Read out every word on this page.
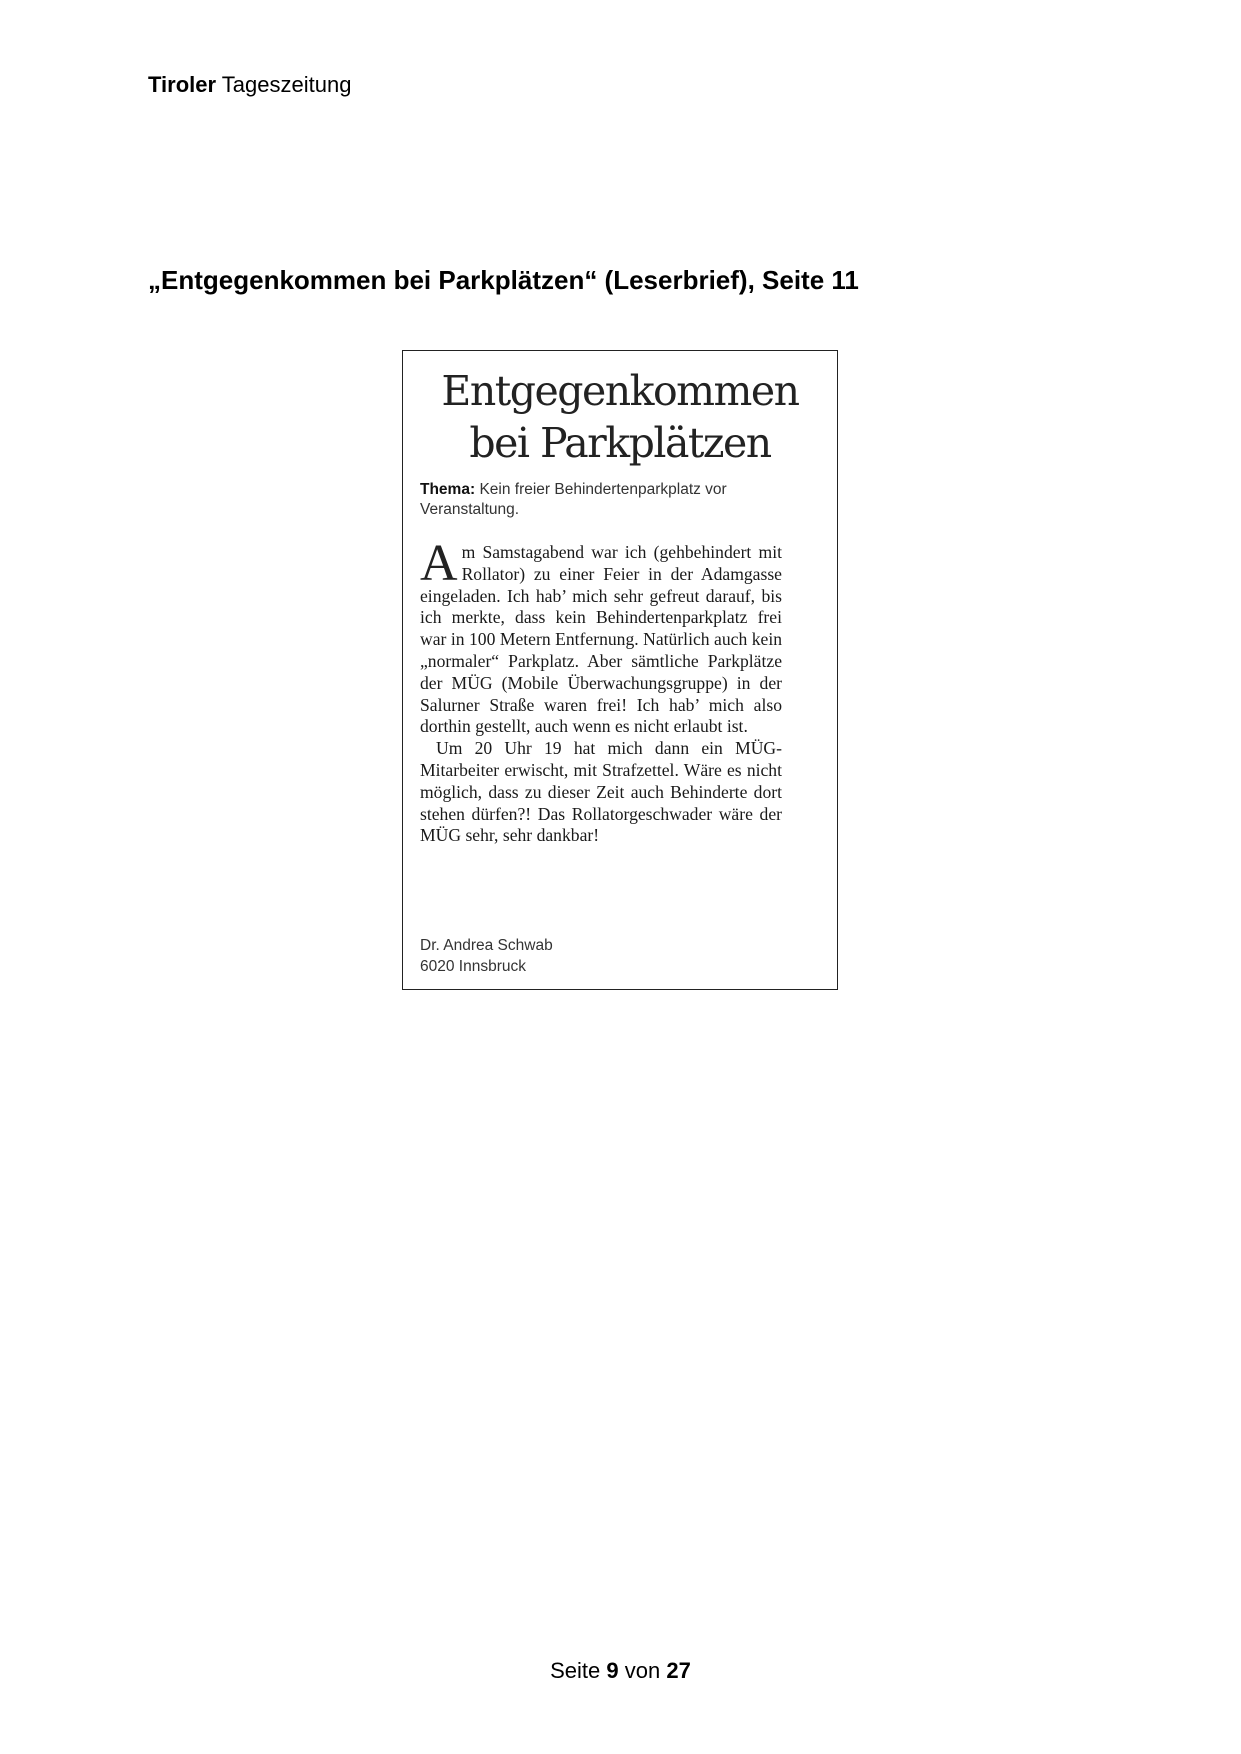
Tiroler Tageszeitung
„Entgegenkommen bei Parkplätzen“ (Leserbrief), Seite 11
Entgegenkommen
bei Parkplätzen
Thema: Kein freier Behindertenparkplatz vor Veranstaltung.

Am Samstagabend war ich (gehbehindert mit Rollator) zu einer Feier in der Adamgasse eingeladen. Ich hab’ mich sehr gefreut darauf, bis ich merkte, dass kein Behindertenparkplatz frei war in 100 Metern Entfernung. Natürlich auch kein „normaler“ Parkplatz. Aber sämtliche Parkplätze der MÜG (Mobile Überwachungsgruppe) in der Salurner Straße waren frei! Ich hab’ mich also dorthin gestellt, auch wenn es nicht erlaubt ist.

Um 20 Uhr 19 hat mich dann ein MÜG-Mitarbeiter erwischt, mit Strafzettel. Wäre es nicht möglich, dass zu dieser Zeit auch Behinderte dort stehen dürfen?! Das Rollatorgeschwader wäre der MÜG sehr, sehr dankbar!

Dr. Andrea Schwab
6020 Innsbruck
Seite 9 von 27
